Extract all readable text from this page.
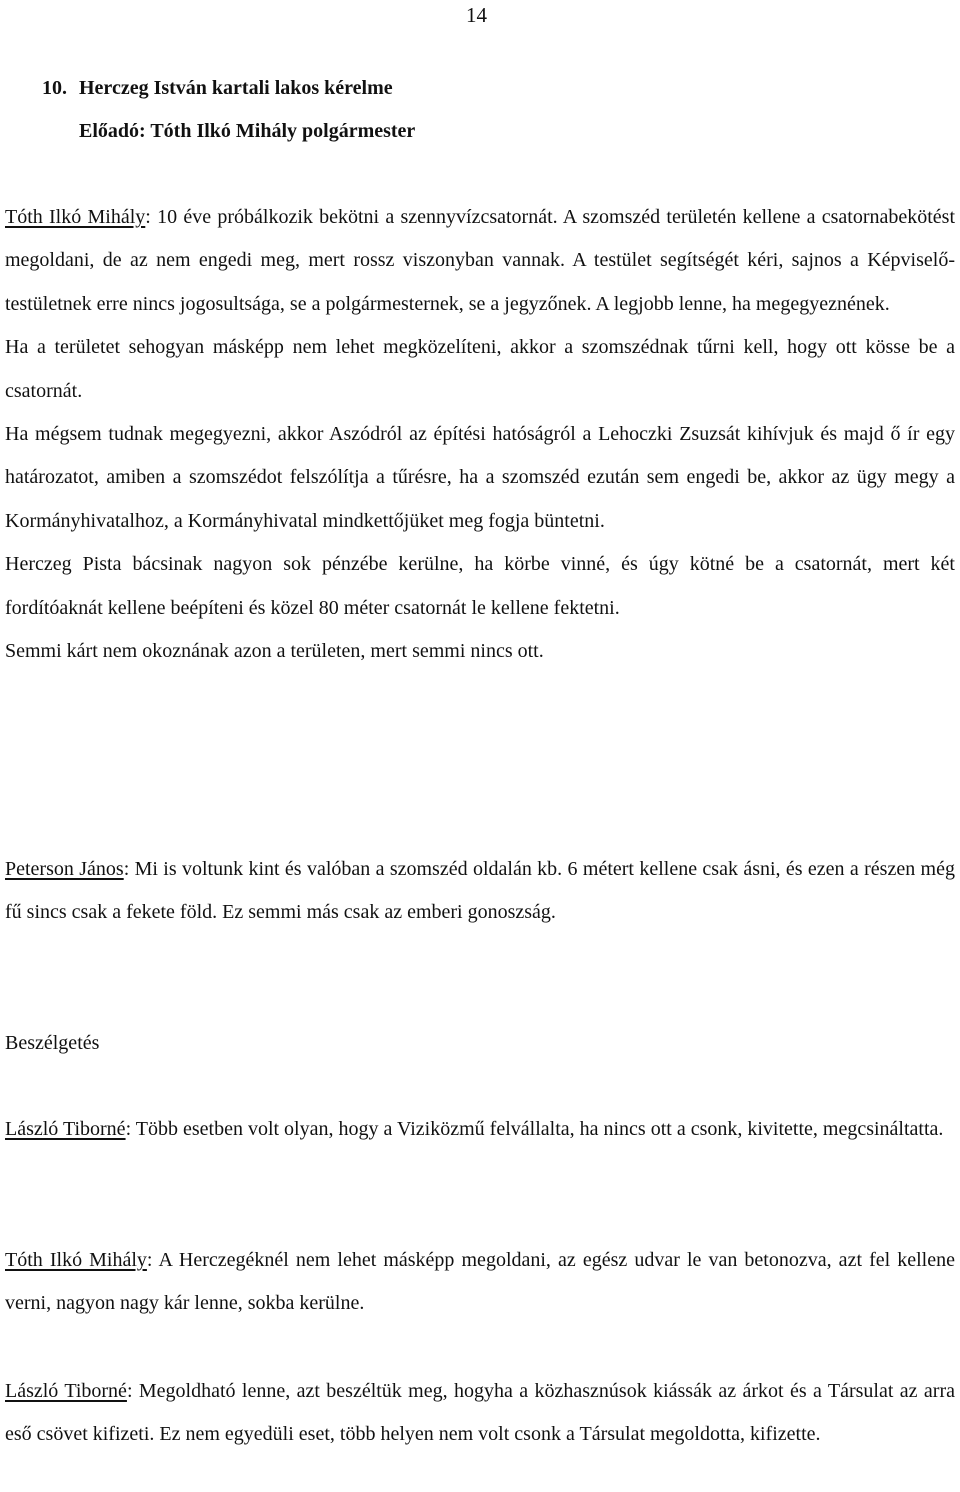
14
10. Herczeg István kartali lakos kérelme
Előadó: Tóth Ilkó Mihály polgármester

Tóth Ilkó Mihály: 10 éve próbálkozik bekötni a szennyvízcsatornát. A szomszéd területén kellene a csatornabekötést megoldani, de az nem engedi meg, mert rossz viszonyban vannak. A testület segítségét kéri, sajnos a Képviselő-testületnek erre nincs jogosultsága, se a polgármesternek, se a jegyzőnek. A legjobb lenne, ha megegyeznének.

Ha a területet sehogyan másképp nem lehet megközelíteni, akkor a szomszédnak tűrni kell, hogy ott kösse be a csatornát.

Ha mégsem tudnak megegyezni, akkor Aszódról az építési hatóságról a Lehoczki Zsuzsát kihívjuk és majd ő ír egy határozatot, amiben a szomszédot felszólítja a tűrésre, ha a szomszéd ezután sem engedi be, akkor az ügy megy a Kormányhivatalhoz, a Kormányhivatal mindkettőjüket meg fogja büntetni.

Herczeg Pista bácsinak nagyon sok pénzébe kerülne, ha körbe vinné, és úgy kötné be a csatornát, mert két fordítóaknát kellene beépíteni és közel 80 méter csatornát le kellene fektetni.

Semmi kárt nem okoznának azon a területen, mert semmi nincs ott.

Peterson János: Mi is voltunk kint és valóban a szomszéd oldalán kb. 6 métert kellene csak ásni, és ezen a részen még fű sincs csak a fekete föld. Ez semmi más csak az emberi gonoszság.

Beszélgetés

László Tiborné: Több esetben volt olyan, hogy a Viziközmű felvállalta, ha nincs ott a csonk, kivitette, megcsináltatta.

Tóth Ilkó Mihály: A Herczegéknél nem lehet másképp megoldani, az egész udvar le van betonozva, azt fel kellene verni, nagyon nagy kár lenne, sokba kerülne.

László Tiborné: Megoldható lenne, azt beszéltük meg, hogyha a közhasznúsok kiássák az árkot és a Társulat az arra eső csövet kifizeti. Ez nem egyedüli eset, több helyen nem volt csonk a Társulat megoldotta, kifizette.
